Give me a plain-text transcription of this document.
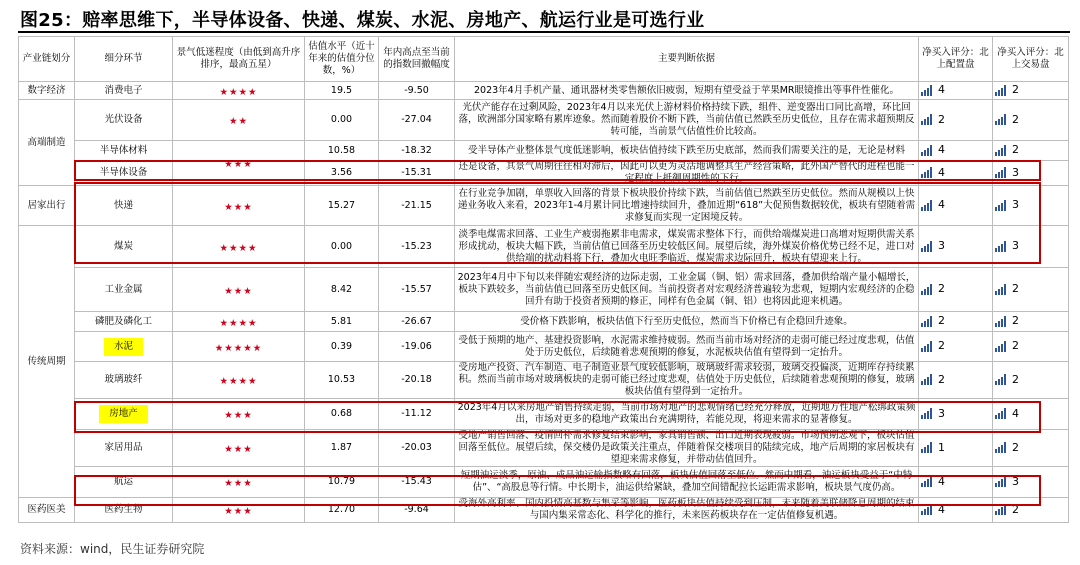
图25：赔率思维下，半导体设备、快递、煤炭、水泥、房地产、航运行业是可选行业
产业链划分	细分环节	景气低迷程度（由低到高升序排序，最高五星）	估值水平（近十年来的估值分位数，%）	年内高点至当前的指数回撤幅度	主要判断依据	净买入评分：北上配置盘	净买入评分：北上交易盘
数字经济	消费电子	★★★★	19.5	-9.50	2023年4月手机产量、通讯器材类零售额依旧疲弱，短期有望受益于苹果MR眼镜推出等事件性催化。	4	2
高端制造	光伏设备	★★	0.00	-27.04	光伏产能存在过剩风险，2023年4月以来光伏上游材料价格持续下跌，组件、逆变器出口同比高增，环比回落，欧洲部分国家略有累库迹象。然而随着股价不断下跌，当前估值已然跌至历史低位，且存在需求超预期反转可能，当前景气估值性价比较高。	2	2
	半导体材料	★★★	10.58	-18.32	受半导体产业整体景气度低迷影响，板块估值持续下跌至历史底部，然而我们需要关注的是，无论是材料	4	2
	半导体设备		3.56	-15.31	还是设备，其景气周期往往相对滞后，因此可以更为灵活地调整其生产经营策略，此外国产替代的进程也能一定程度上抵御周期性的下行。	4	3
居家出行	快递	★★★	15.27	-21.15	在行业竞争加剧，单票收入回落的背景下板块股价持续下跌，当前估值已然跌至历史低位。然而从规模以上快递业务收入来看，2023年1-4月累计同比增速持续回升，叠加近期“618”大促预售数据较优，板块有望随着需求修复而实现一定困境反转。	4	3
传统周期	煤炭	★★★★	0.00	-15.23	淡季电煤需求回落、工业生产疲弱拖累非电需求，煤炭需求整体下行，而供给端煤炭进口高增对短期供需关系形成扰动，板块大幅下跌，当前估值已回落至历史较低区间。展望后续，海外煤炭价格优势已经不足，进口对供给端的扰动料将下行，叠加火电旺季临近，煤炭需求边际回升，板块有望迎来上行。	3	3
	工业金属	★★★	8.42	-15.57	2023年4月中下旬以来伴随宏观经济的边际走弱，工业金属（铜、铝）需求回落，叠加供给端产量小幅增长，板块下跌较多，当前估值已回落至历史低区间。当前投资者对宏观经济普遍较为悲观，短期内宏观经济的企稳回升有助于投资者预期的修正，同样有色金属（铜、铝）也将因此迎来机遇。	2	2
	磷肥及磷化工	★★★★	5.81	-26.67	受价格下跌影响，板块估值下行至历史低位，然而当下价格已有企稳回升迹象。	2	2
	水泥	★★★★★	0.39	-19.06	受低于预期的地产、基建投资影响，水泥需求维持疲弱。然而当前市场对经济的走弱可能已经过度悲观，估值处于历史低位，后续随着悲观预期的修复，水泥板块估值有望得到一定抬升。	2	2
	玻璃玻纤	★★★★	10.53	-20.18	受房地产投资、汽车制造、电子制造业景气度较低影响，玻璃玻纤需求较弱，玻璃交投偏淡，近期库存持续累积。然而当前市场对玻璃板块的走弱可能已经过度悲观，估值处于历史低位，后续随着悲观预期的修复，玻璃板块估值有望得到一定抬升。	2	2
	房地产	★★★	0.68	-11.12	2023年4月以来房地产销售持续走弱，当前市场对地产的悲观情绪已经充分释放，近期地方性地产松绑政策频出，市场对更多的稳地产政策出台充满期待，若能兑现，将迎来需求的显著修复。	3	4
	家居用品	★★★	1.87	-20.03	受地产销售回落、疫情回补需求修复结束影响，家具销售额、出口近期表现疲弱。市场预期悲观下，板块估值回落至低位。展望后续，保交楼仍是政策关注重点，伴随着保交楼项目的陆续完成，地产后周期的家居板块有望迎来需求修复，并带动估值回升。	1	2
	航运	★★★	10.79	-15.43	短期油运淡季，原油、成品油运输指数略有回落，板块估值回落至低位。然而中期看，油运板块受益于“中特估”、“高股息等行情。中长期卡，油运供给紧缺，叠加空间错配拉长运距需求影响，板块景气度仍高。	4	3
医药医美	医药生物	★★★	12.70	-9.64	受海外高利率、国内投情高基数与集采等影响，医药板块估值持续受到压制，未来随着美联储降息周期的结束与国内集采常态化、科学化的推行，未来医药板块存在一定估值修复机遇。	4	2
资料来源：wind，民生证券研究院
